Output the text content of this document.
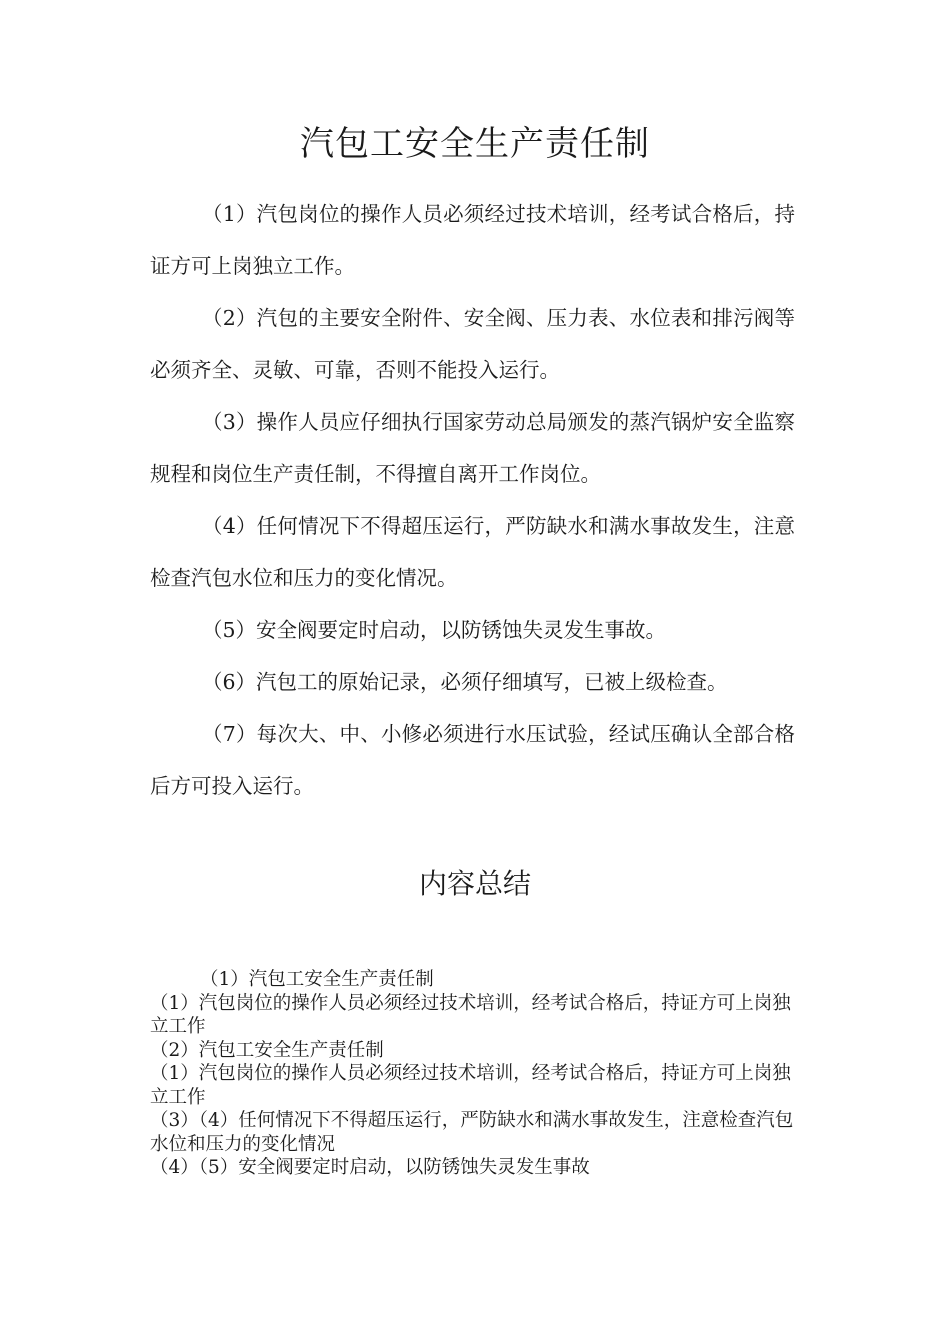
汽包工安全生产责任制

（1）汽包岗位的操作人员必须经过技术培训，经考试合格后，持证方可上岗独立工作。

（2）汽包的主要安全附件、安全阀、压力表、水位表和排污阀等必须齐全、灵敏、可靠，否则不能投入运行。

（3）操作人员应仔细执行国家劳动总局颁发的蒸汽锅炉安全监察规程和岗位生产责任制，不得擅自离开工作岗位。

（4）任何情况下不得超压运行，严防缺水和满水事故发生，注意检查汽包水位和压力的变化情况。

（5）安全阀要定时启动，以防锈蚀失灵发生事故。

（6）汽包工的原始记录，必须仔细填写，已被上级检查。

（7）每次大、中、小修必须进行水压试验，经试压确认全部合格后方可投入运行。

内容总结

（1）汽包工安全生产责任制

（1）汽包岗位的操作人员必须经过技术培训，经考试合格后，持证方可上岗独立工作

（2）汽包工安全生产责任制

（1）汽包岗位的操作人员必须经过技术培训，经考试合格后，持证方可上岗独立工作

（3）（4）任何情况下不得超压运行，严防缺水和满水事故发生，注意检查汽包水位和压力的变化情况

（4）（5）安全阀要定时启动，以防锈蚀失灵发生事故
